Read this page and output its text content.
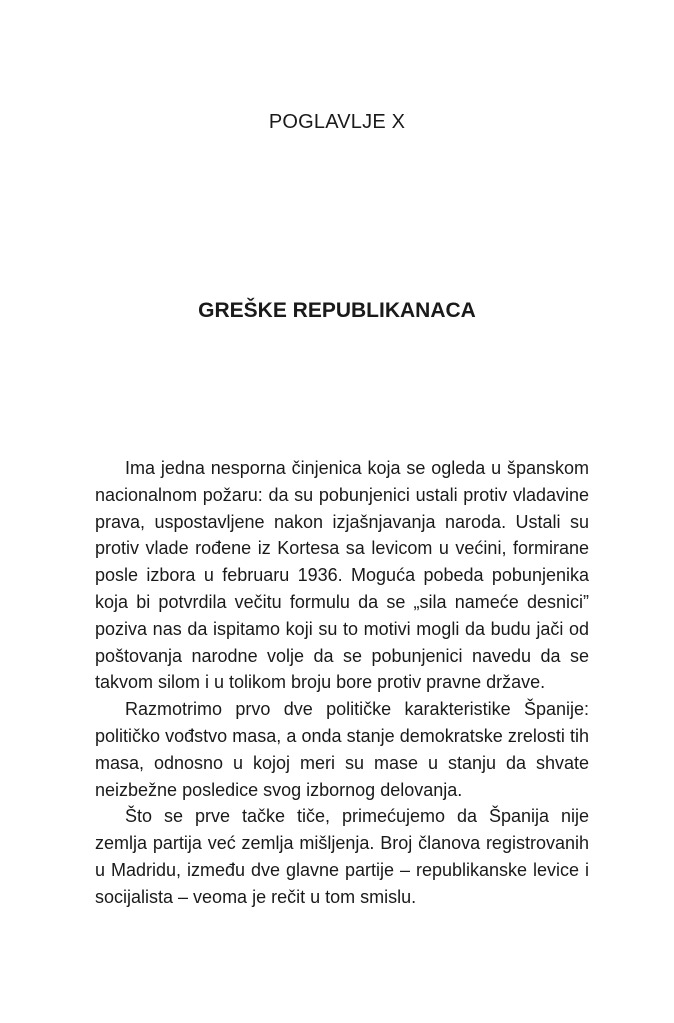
POGLAVLJE X
GREŠKE REPUBLIKANACA

Ima jedna nesporna činjenica koja se ogleda u španskom nacionalnom požaru: da su pobunjenici ustali protiv vladavine prava, uspostavljene nakon izjašnjavanja naroda. Ustali su protiv vlade rođene iz Kortesa sa levicom u većini, formirane posle izbora u februaru 1936. Moguća pobeda pobunjenika koja bi potvrdila večitu formulu da se „sila nameće desnici” poziva nas da ispitamo koji su to motivi mogli da budu jači od poštovanja narodne volje da se pobunjenici navedu da se takvom silom i u tolikom broju bore protiv pravne države.

Razmotrimo prvo dve političke karakteristike Španije: političko vođstvo masa, a onda stanje demokratske zrelosti tih masa, odnosno u kojoj meri su mase u stanju da shvate neizbežne posledice svog izbornog delovanja.

Što se prve tačke tiče, primećujemo da Španija nije zemlja partija već zemlja mišljenja. Broj članova registrovanih u Madridu, između dve glavne partije – republikanske levice i socijalista – veoma je rečit u tom smislu.
